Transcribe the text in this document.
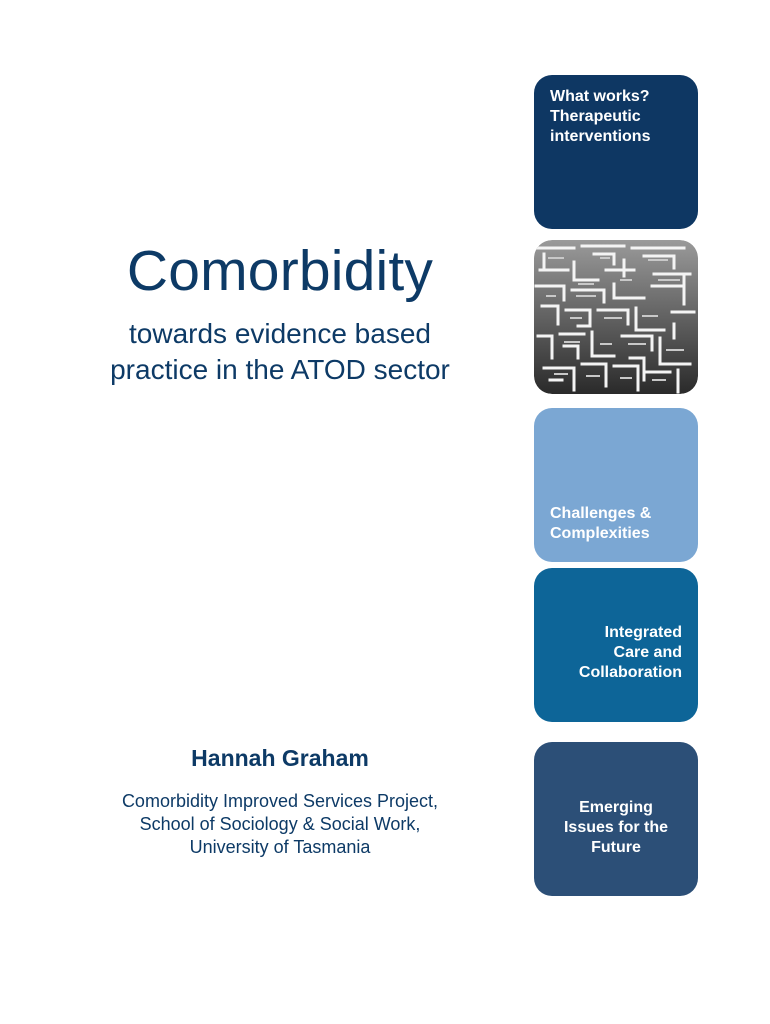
Comorbidity
towards evidence based
practice in the ATOD sector
Hannah Graham
Comorbidity Improved Services Project,
School of Sociology & Social Work,
University of Tasmania
What works?
Therapeutic
interventions
Challenges &
Complexities
Integrated
Care and
Collaboration
Emerging
Issues for the
Future
